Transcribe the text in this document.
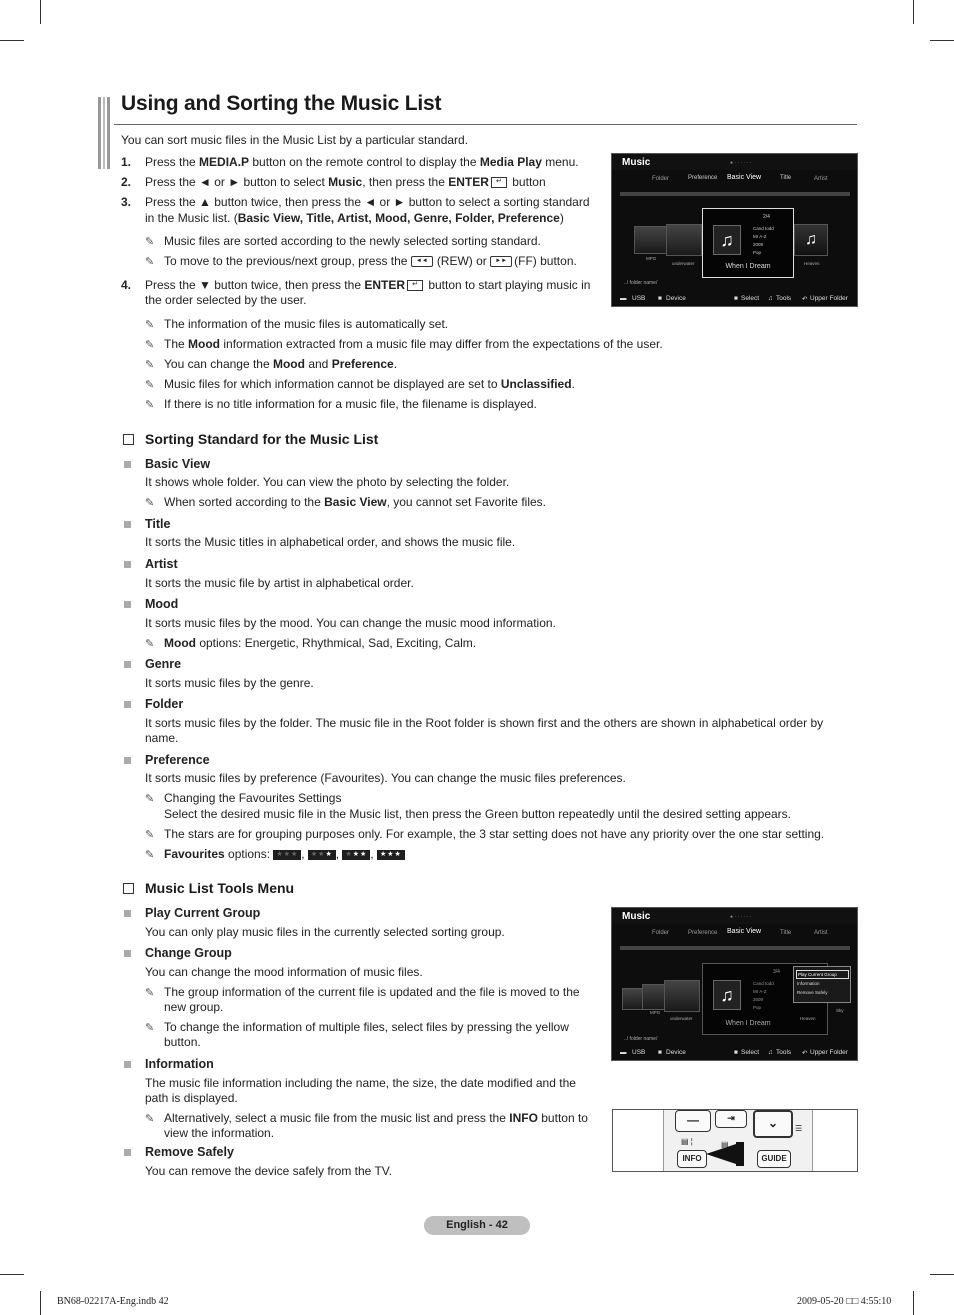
Using and Sorting the Music List
You can sort music files in the Music List by a particular standard.
1. Press the MEDIA.P button on the remote control to display the Media Play menu.
2. Press the ◄ or ► button to select Music, then press the ENTER ↵ button
3. Press the ▲ button twice, then press the ◄ or ► button to select a sorting standard
in the Music list. (Basic View, Title, Artist, Mood, Genre, Folder, Preference)
✎ Music files are sorted according to the newly selected sorting standard.
✎ To move to the previous/next group, press the ◄◄ (REW) or ►► (FF) button.
4. Press the ▼ button twice, then press the ENTER ↵ button to start playing music in
the order selected by the user.
✎ The information of the music files is automatically set.
✎ The Mood information extracted from a music file may differ from the expectations of the user.
✎ You can change the Mood and Preference.
✎ Music files for which information cannot be displayed are set to Unclassified.
✎ If there is no title information for a music file, the filename is displayed.
Music	● · · · · · ·
Folder	Preference Basic View	Title	Artist
MPG
underwater
2/4
♫
Cand todd
Mr A-Z
2009
Pop
When I Dream
♫
Heaven
../ folder name/
▬ USB ■ Device	■ Select ♫ Tools ↶ Upper Folder
Sorting Standard for the Music List
Basic View
It shows whole folder. You can view the photo by selecting the folder.
✎ When sorted according to the Basic View, you cannot set Favorite files.
Title
It sorts the Music titles in alphabetical order, and shows the music file.
Artist
It sorts the music file by artist in alphabetical order.
Mood
It sorts music files by the mood. You can change the music mood information.
✎ Mood options: Energetic, Rhythmical, Sad, Exciting, Calm.
Genre
It sorts music files by the genre.
Folder
It sorts music files by the folder. The music file in the Root folder is shown first and the others are shown in alphabetical order by
name.
Preference
It sorts music files by preference (Favourites). You can change the music files preferences.
✎ Changing the Favourites Settings
Select the desired music file in the Music list, then press the Green button repeatedly until the desired setting appears.
✎ The stars are for grouping purposes only. For example, the 3 star setting does not have any priority over the one star setting.
✎ Favourites options: ★★★ , ★★★ , ★★★ , ★★★
Music List Tools Menu
Play Current Group
You can only play music files in the currently selected sorting group.
Change Group
You can change the mood information of music files.
✎ The group information of the current file is updated and the file is moved to the
new group.
✎ To change the information of multiple files, select files by pressing the yellow
button.
Information
The music file information including the name, the size, the date modified and the
path is displayed.
✎ Alternatively, select a music file from the music list and press the INFO button to
view the information.
Remove Safely
You can remove the device safely from the TV.
Music	● · · · · · ·
Folder	Preference Basic View	Title	Artist
MPG
underwater
3/4
♫
Cand todd
Mr A-Z
2009
Pop
When I Dream
Heaven
Sky
Play Current Group
Information
Remove Safely
../ folder name/
▬ USB ■ Device	■ Select ♫ Tools ↶ Upper Folder
—	⇥	⌄	☰
▤ ¦	▤
INFO	GUIDE
English - 42
BN68-02217A-Eng.indb 42	2009-05-20 □□ 4:55:10
